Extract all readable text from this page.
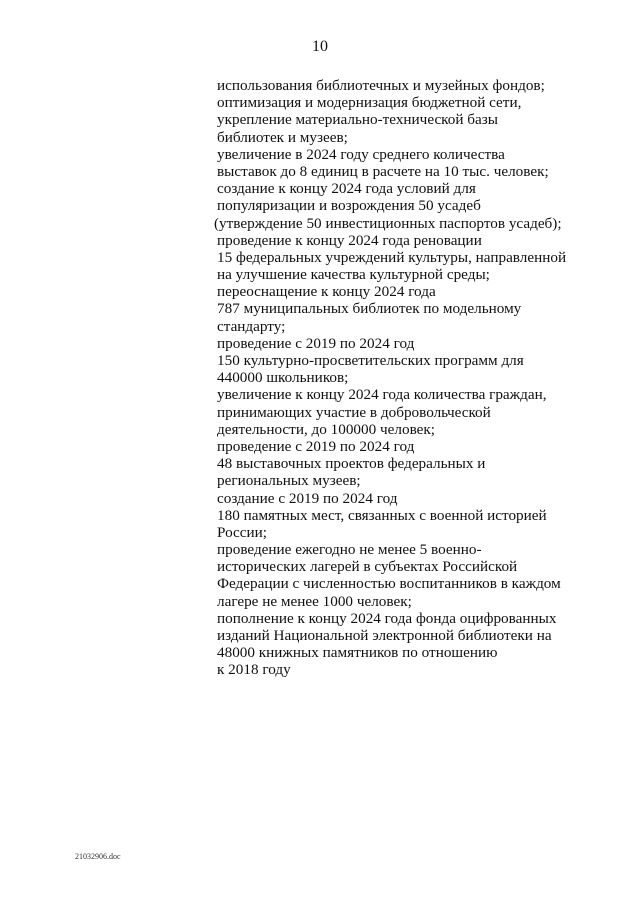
10
использования библиотечных и музейных фондов;
оптимизация и модернизация бюджетной сети,
укрепление материально-технической базы
библиотек и музеев;
увеличение в 2024 году среднего количества
выставок до 8 единиц в расчете на 10 тыс. человек;
создание к концу 2024 года условий для
популяризации и возрождения 50 усадеб
(утверждение 50 инвестиционных паспортов усадеб);
проведение к концу 2024 года реновации
15 федеральных учреждений культуры, направленной
на улучшение качества культурной среды;
переоснащение к концу 2024 года
787 муниципальных библиотек по модельному
стандарту;
проведение с 2019 по 2024 год
150 культурно-просветительских программ для
440000 школьников;
увеличение к концу 2024 года количества граждан,
принимающих участие в добровольческой
деятельности, до 100000 человек;
проведение с 2019 по 2024 год
48 выставочных проектов федеральных и
региональных музеев;
создание с 2019 по 2024 год
180 памятных мест, связанных с военной историей
России;
проведение ежегодно не менее 5 военно-
исторических лагерей в субъектах Российской
Федерации с численностью воспитанников в каждом
лагере не менее 1000 человек;
пополнение к концу 2024 года фонда оцифрованных
изданий Национальной электронной библиотеки на
48000 книжных памятников по отношению
к 2018 году
21032906.doc
